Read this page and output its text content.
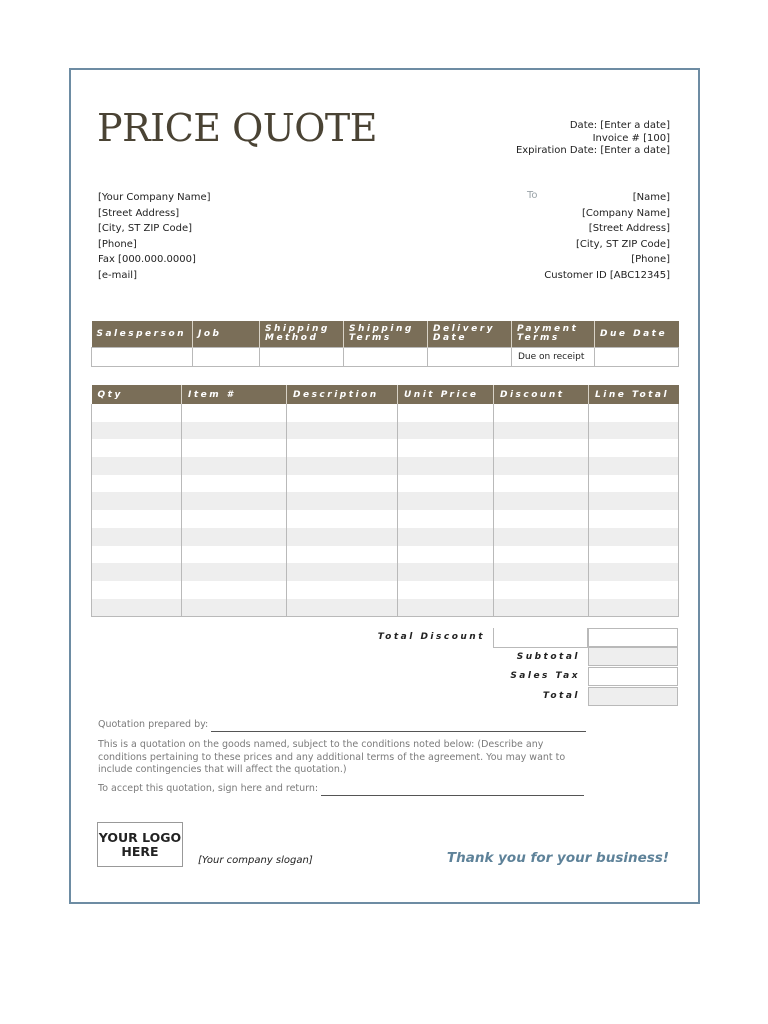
PRICE QUOTE	Date: [Enter a date]
Invoice # [100]
Expiration Date: [Enter a date]
[Your Company Name]
[Street Address]
[City, ST ZIP Code]
[Phone]
Fax [000.000.0000]
[e-mail]
To	[Name]
[Company Name]
[Street Address]
[City, ST ZIP Code]
[Phone]
Customer ID [ABC12345]
Salesperson	Job	Shipping Method	Shipping Terms	Delivery Date	Payment Terms	Due Date
					Due on receipt	
Qty	Item #	Description	Unit Price	Discount	Line Total

Total Discount
Subtotal
Sales Tax
Total
Quotation prepared by:
This is a quotation on the goods named, subject to the conditions noted below: (Describe any conditions pertaining to these prices and any additional terms of the agreement. You may want to include contingencies that will affect the quotation.)
To accept this quotation, sign here and return:
YOUR LOGO HERE
[Your company slogan]	Thank you for your business!
